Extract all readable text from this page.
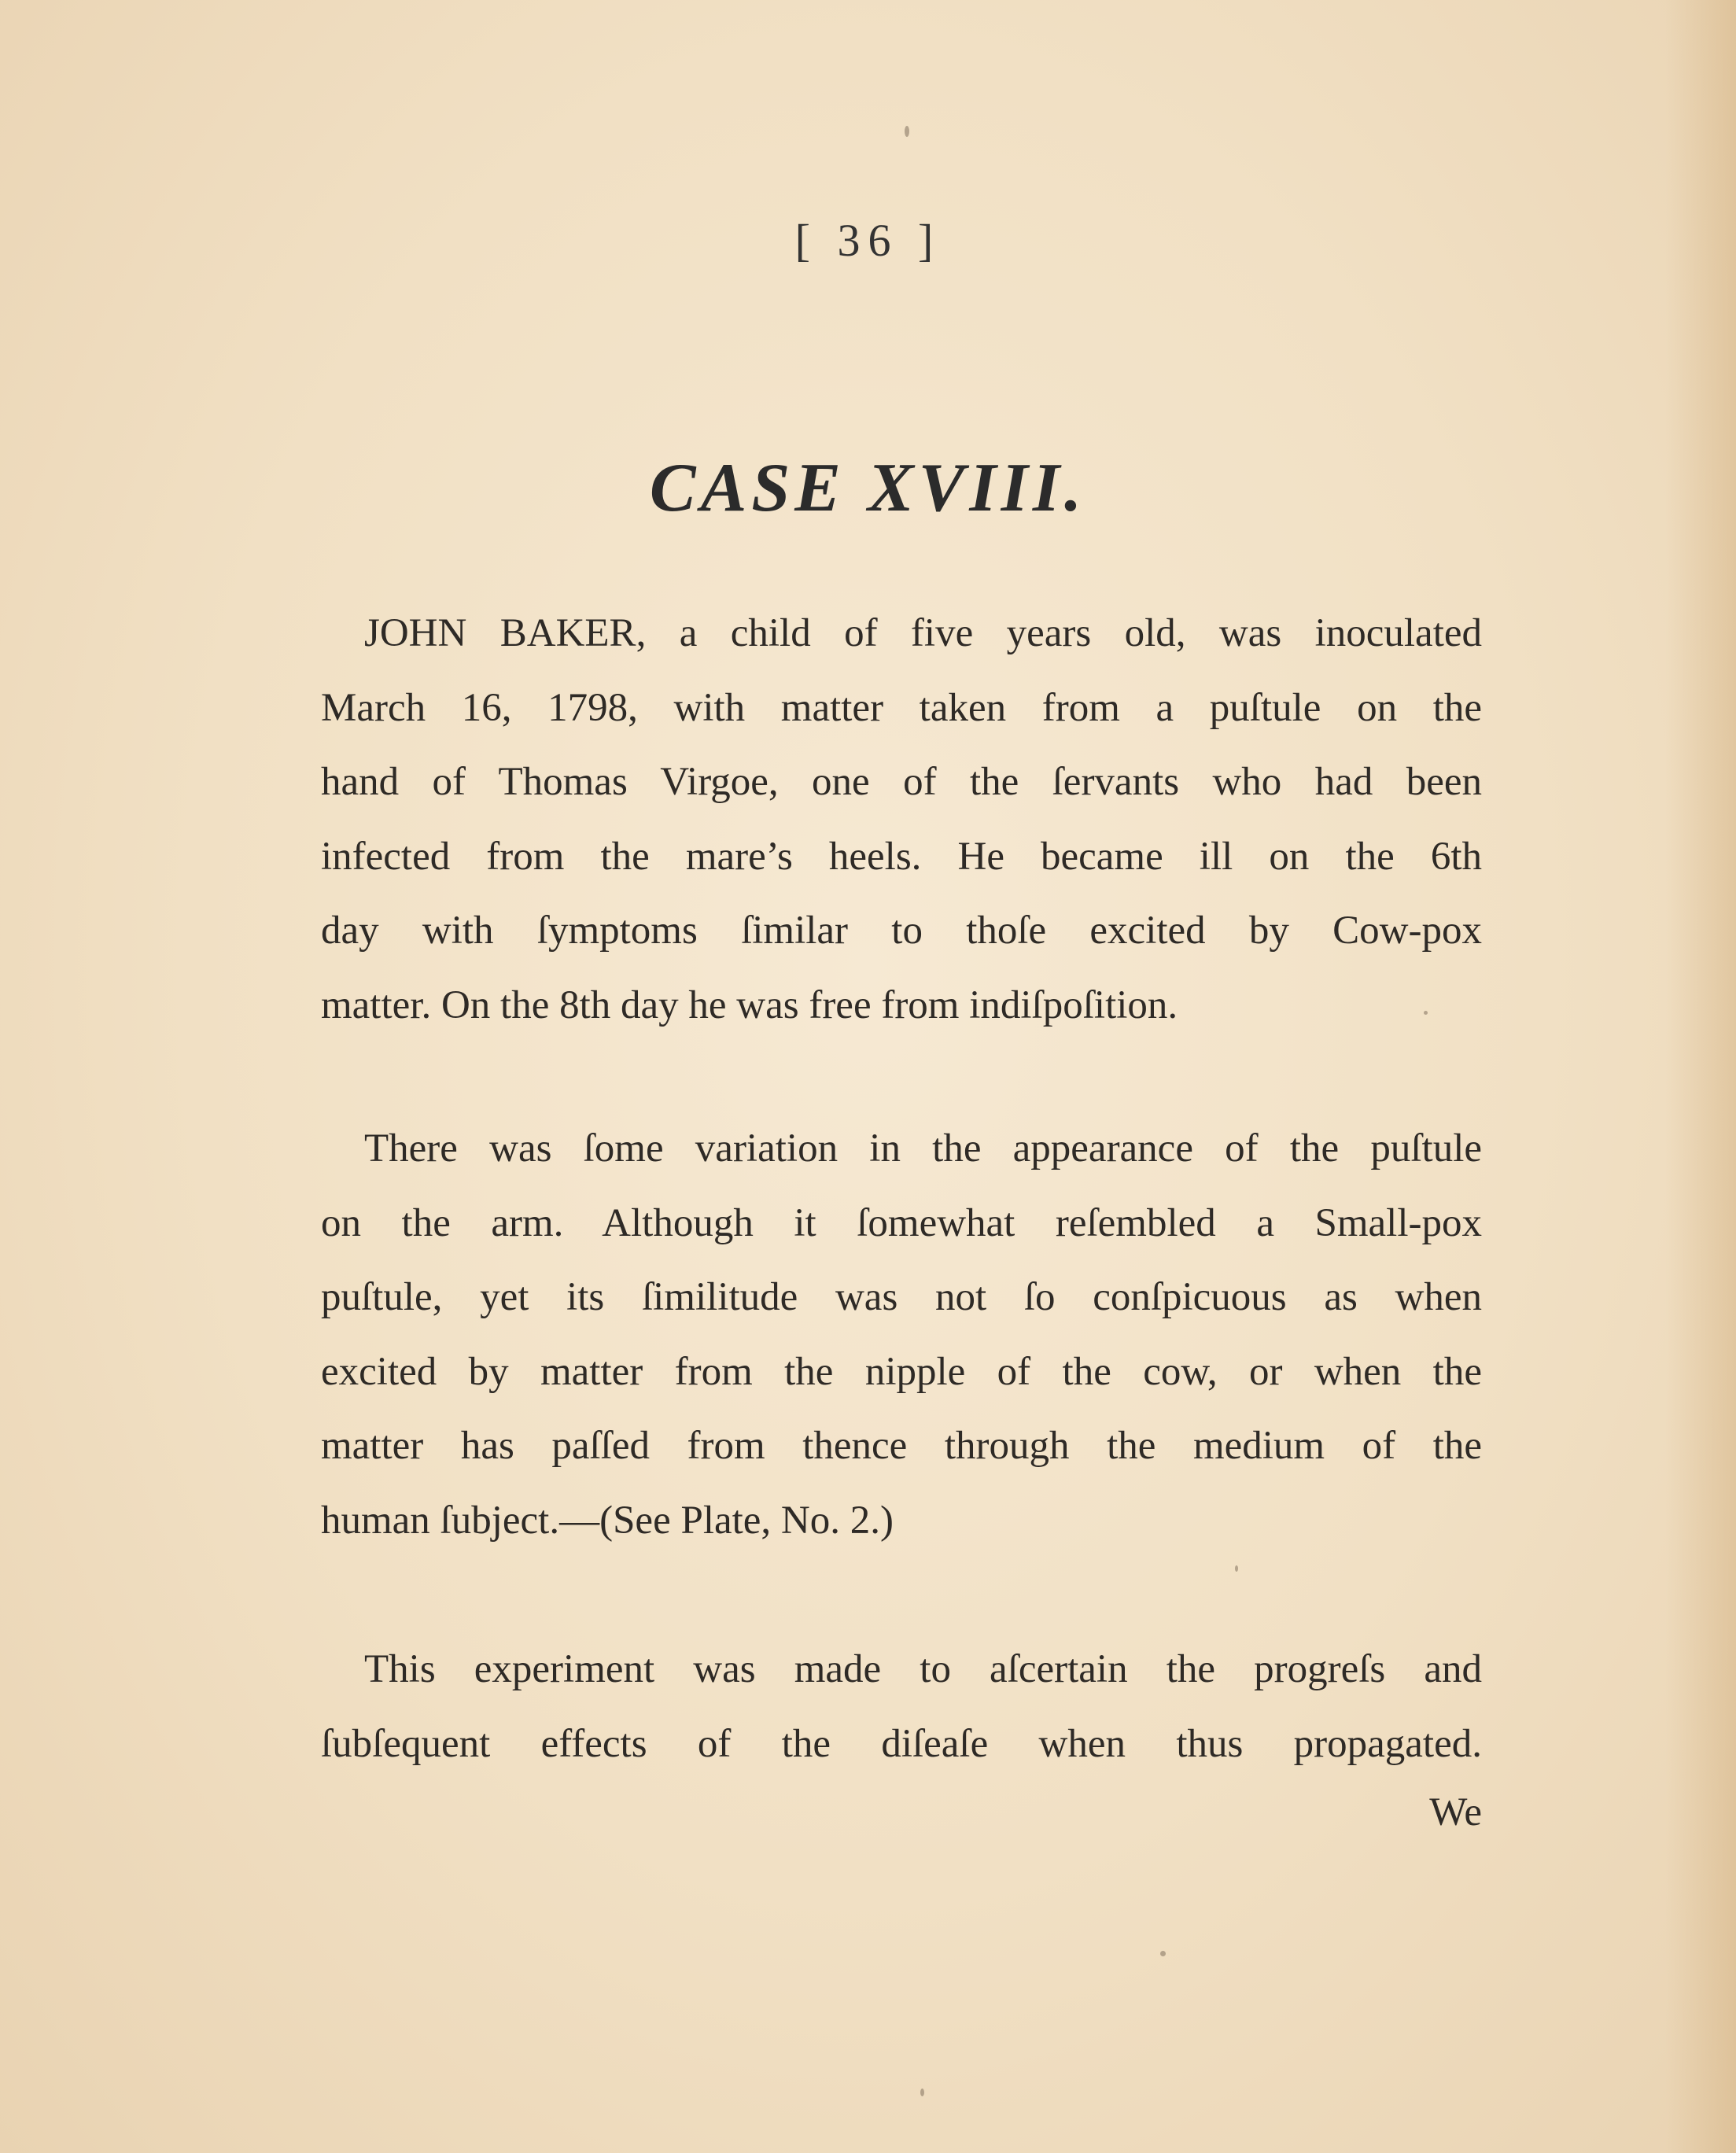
[ 36 ]
CASE XVIII.
JOHN BAKER, a child of five years old, was inoculated
March 16, 1798, with matter taken from a puſtule on the
hand of Thomas Virgoe, one of the ſervants who had been
infected from the mare’s heels. He became ill on the 6th
day with ſymptoms ſimilar to thoſe excited by Cow-pox
matter. On the 8th day he was free from indiſpoſition.
There was ſome variation in the appearance of the puſtule
on the arm. Although it ſomewhat reſembled a Small-pox
puſtule, yet its ſimilitude was not ſo conſpicuous as when
excited by matter from the nipple of the cow, or when the
matter has paſſed from thence through the medium of the
human ſubject.—(See Plate, No. 2.)
This experiment was made to aſcertain the progreſs and
ſubſequent effects of the diſeaſe when thus propagated.
We
